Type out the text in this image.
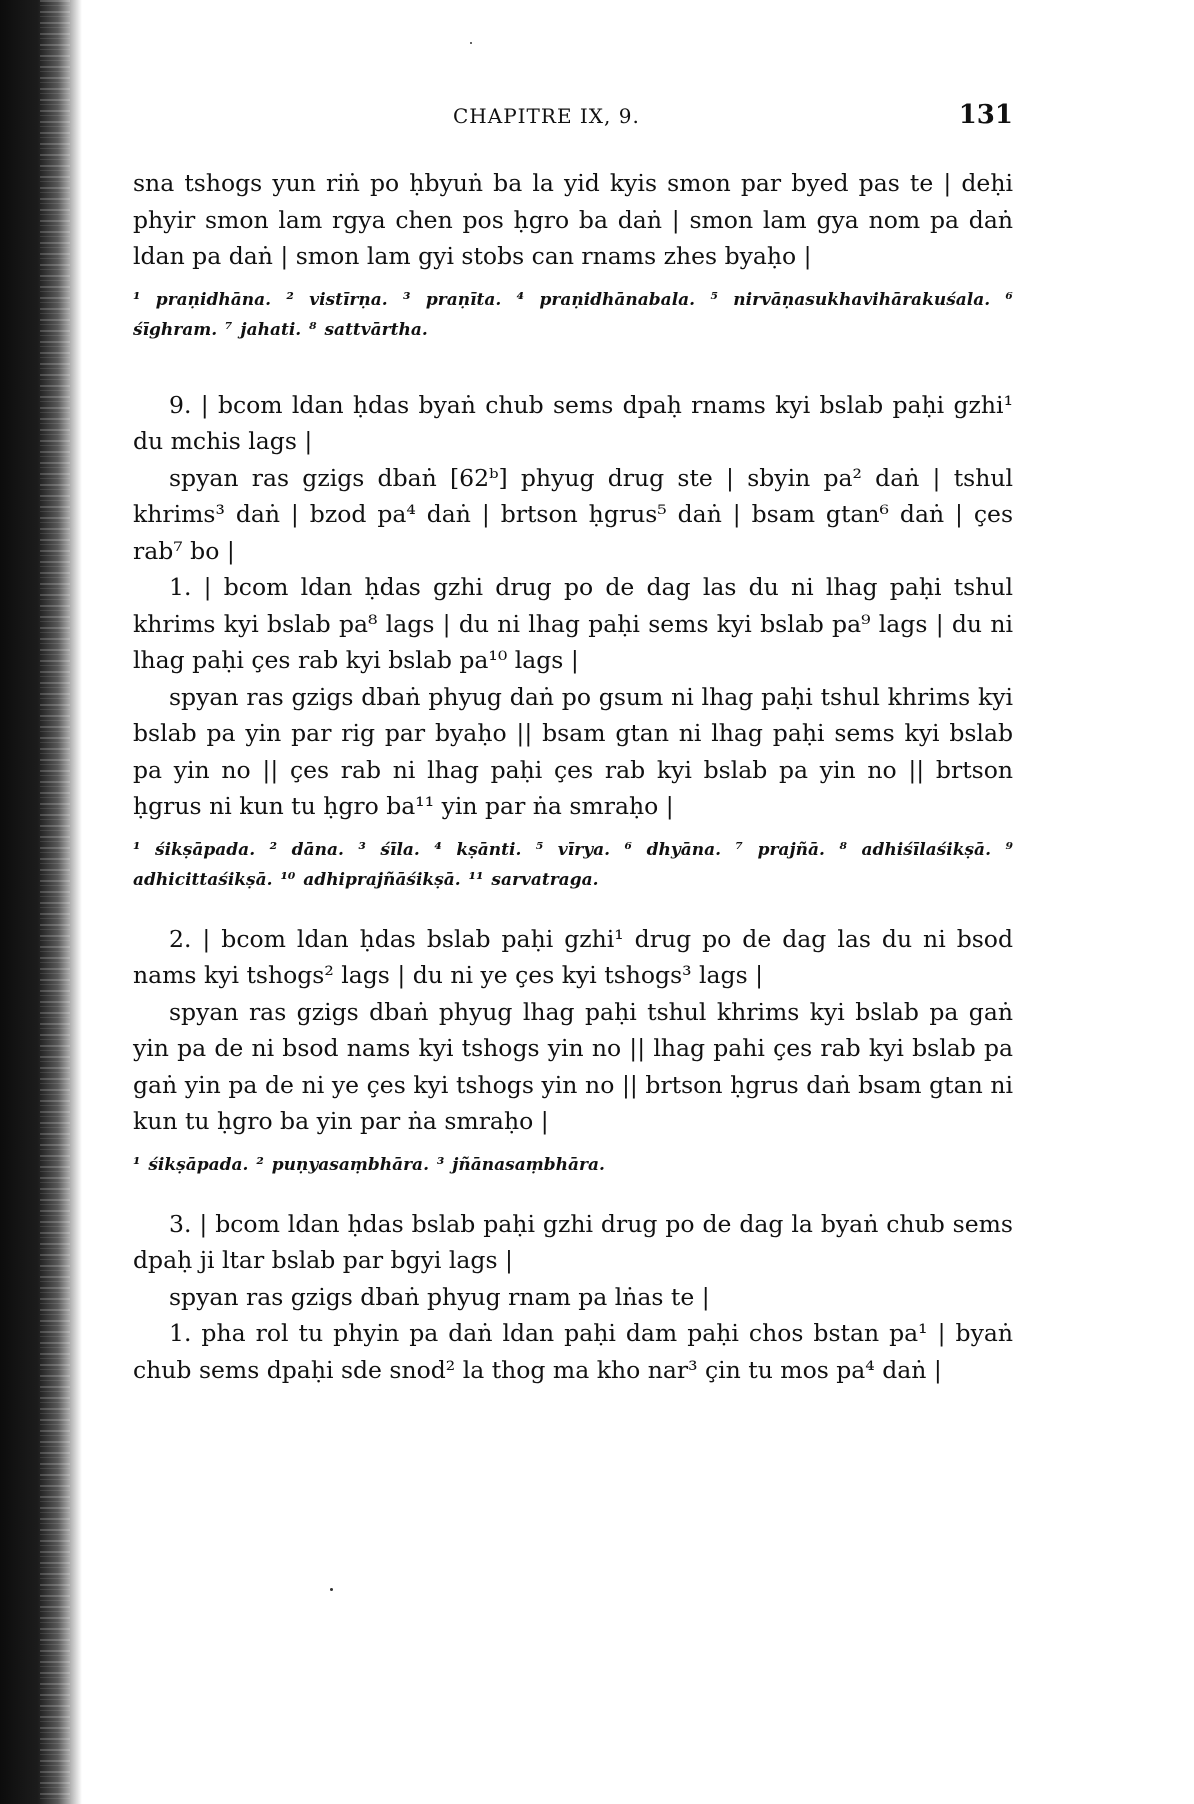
CHAPITRE IX, 9.	131

sna tshogs yun riṅ po ḥbyuṅ ba la yid kyis smon par byed pas te | deḥi phyir smon lam rgya chen pos ḥgro ba daṅ | smon lam gya nom pa daṅ ldan pa daṅ | smon lam gyi stobs can rnams zhes byaḥo |

¹ praṇidhāna. ² vistīrṇa. ³ praṇīta. ⁴ praṇidhānabala. ⁵ nirvāṇasukhavihārakuśala. ⁶ śīghram. ⁷ jahati. ⁸ sattvārtha.

9. | bcom ldan ḥdas byaṅ chub sems dpaḥ rnams kyi bslab paḥi gzhi¹ du mchis lags |

spyan ras gzigs dbaṅ [62ᵇ] phyug drug ste | sbyin pa² daṅ | tshul khrims³ daṅ | bzod pa⁴ daṅ | brtson ḥgrus⁵ daṅ | bsam gtan⁶ daṅ | ҫes rab⁷ bo |

1. | bcom ldan ḥdas gzhi drug po de dag las du ni lhag paḥi tshul khrims kyi bslab pa⁸ lags | du ni lhag paḥi sems kyi bslab pa⁹ lags | du ni lhag paḥi ҫes rab kyi bslab pa¹⁰ lags |

spyan ras gzigs dbaṅ phyug daṅ po gsum ni lhag paḥi tshul khrims kyi bslab pa yin par rig par byaḥo || bsam gtan ni lhag paḥi sems kyi bslab pa yin no || ҫes rab ni lhag paḥi ҫes rab kyi bslab pa yin no || brtson ḥgrus ni kun tu ḥgro ba¹¹ yin par ṅa smraḥo |

¹ śikṣāpada. ² dāna. ³ śīla. ⁴ kṣānti. ⁵ vīrya. ⁶ dhyāna. ⁷ prajñā. ⁸ adhiśīlaśikṣā. ⁹ adhicittaśikṣā. ¹⁰ adhiprajñāśikṣā. ¹¹ sarvatraga.

2. | bcom ldan ḥdas bslab paḥi gzhi¹ drug po de dag las du ni bsod nams kyi tshogs² lags | du ni ye ҫes kyi tshogs³ lags |

spyan ras gzigs dbaṅ phyug lhag paḥi tshul khrims kyi bslab pa gaṅ yin pa de ni bsod nams kyi tshogs yin no || lhag pahi ҫes rab kyi bslab pa gaṅ yin pa de ni ye ҫes kyi tshogs yin no || brtson ḥgrus daṅ bsam gtan ni kun tu ḥgro ba yin par ṅa smraḥo |

¹ śikṣāpada. ² puṇyasaṃbhāra. ³ jñānasaṃbhāra.

3. | bcom ldan ḥdas bslab paḥi gzhi drug po de dag la byaṅ chub sems dpaḥ ji ltar bslab par bgyi lags |

spyan ras gzigs dbaṅ phyug rnam pa lṅas te |

1. pha rol tu phyin pa daṅ ldan paḥi dam paḥi chos bstan pa¹ | byaṅ chub sems dpaḥi sde snod² la thog ma kho nar³ ҫin tu mos pa⁴ daṅ |
